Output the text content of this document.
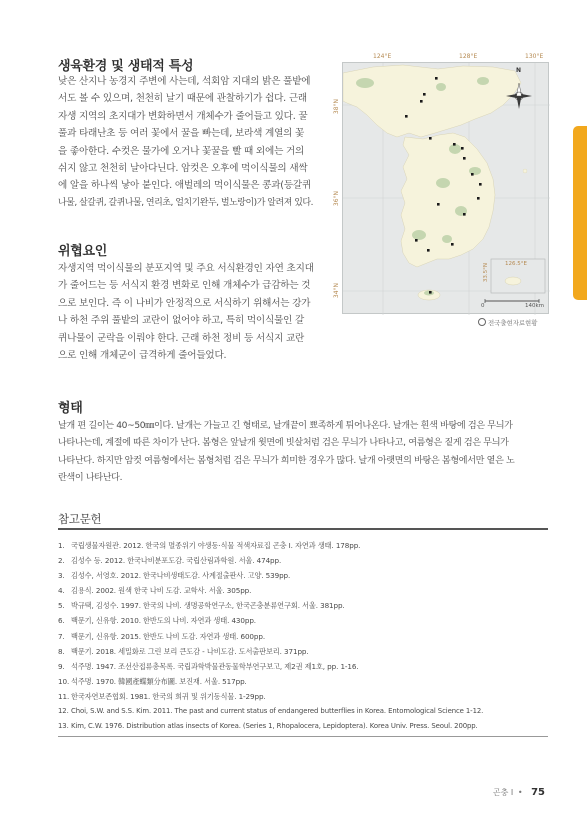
생육환경 및 생태적 특성
낮은 산지나 농경지 주변에 사는데, 석회암 지대의 밝은 풀밭에
서도 볼 수 있으며, 천천히 날기 때문에 관찰하기가 쉽다. 근래
자생 지역의 초지대가 변화하면서 개체수가 줄어들고 있다. 꿀
풀과 타래난초 등 여러 꽃에서 꿀을 빠는데, 보라색 계열의 꽃
을 좋아한다. 수컷은 물가에 오거나 꽃꿀을 빨 때 외에는 거의
쉬지 않고 천천히 날아다닌다. 암컷은 오후에 먹이식물의 새싹
에 알을 하나씩 낳아 붙인다. 애벌레의 먹이식물은 콩과(등갈퀴
나물, 살갈퀴, 갈퀴나물, 연리초, 얼치기완두, 벌노랑이)가 알려져 있다.
위협요인
자생지역 먹이식물의 분포지역 및 주요 서식환경인 자연 초지대
가 줄어드는 등 서식지 환경 변화로 인해 개체수가 급감하는 것
으로 보인다. 즉 이 나비가 안정적으로 서식하기 위해서는 강가
나 하천 주위 풀밭의 교란이 없어야 하고, 특히 먹이식물인 갈
퀴나물이 군락을 이뤄야 한다. 근래 하천 정비 등 서식지 교란
으로 인해 개체군이 급격하게 줄어들었다.
124°E	128°E	130°E
38°N
36°N
34°N
33.5°N	126.5°E
N
0	140km
전국출현자료현황
형태
날개 편 길이는 40~50㎜이다. 날개는 가늘고 긴 형태로, 날개끝이 뾰족하게 튀어나온다. 날개는 흰색 바탕에 검은 무늬가
나타나는데, 계절에 따른 차이가 난다. 봄형은 앞날개 윗면에 빗살처럼 검은 무늬가 나타나고, 여름형은 짙게 검은 무늬가
나타난다. 하지만 암컷 여름형에서는 봄형처럼 검은 무늬가 희미한 경우가 많다. 날개 아랫면의 바탕은 봄형에서만 옅은 노
란색이 나타난다.
참고문헌
1. 국립생물자원관. 2012. 한국의 멸종위기 야생동·식물 적색자료집 곤충 I. 자연과 생태. 178pp.
2. 김성수 등. 2012. 한국나비분포도감. 국립산림과학원. 서울. 474pp.
3. 김성수, 서영호. 2012. 한국나비생태도감. 사계절출판사. 고양. 539pp.
4. 김용식. 2002. 원색 한국 나비 도감. 교학사. 서울. 305pp.
5. 박규택, 김성수. 1997. 한국의 나비. 생명공학연구소, 한국곤충분류연구회. 서울. 381pp.
6. 백문기, 신유항. 2010. 한반도의 나비. 자연과 생태. 430pp.
7. 백문기, 신유항. 2015. 한반도 나비 도감. 자연과 생태. 600pp.
8. 백문기. 2018. 세밀화로 그린 보리 큰도감 - 나비도감. 도서출판보리. 371pp.
9. 석주명. 1947. 조선산접류총목록. 국립과학박물관동물학부연구보고, 제2권 제1호, pp. 1-16.
10. 석주명. 1970. 韓國產蝶類分布圖. 보진재. 서울. 517pp.
11. 한국자연보존협회. 1981. 한국의 희귀 및 위기동식물. 1-29pp.
12. Choi, S.W. and S.S. Kim. 2011. The past and current status of endangered butterflies in Korea. Entomological Science 1-12.
13. Kim, C.W. 1976. Distribution atlas insects of Korea. (Series 1, Rhopalocera, Lepidoptera). Korea Univ. Press. Seoul. 200pp.
곤충 I • 75
